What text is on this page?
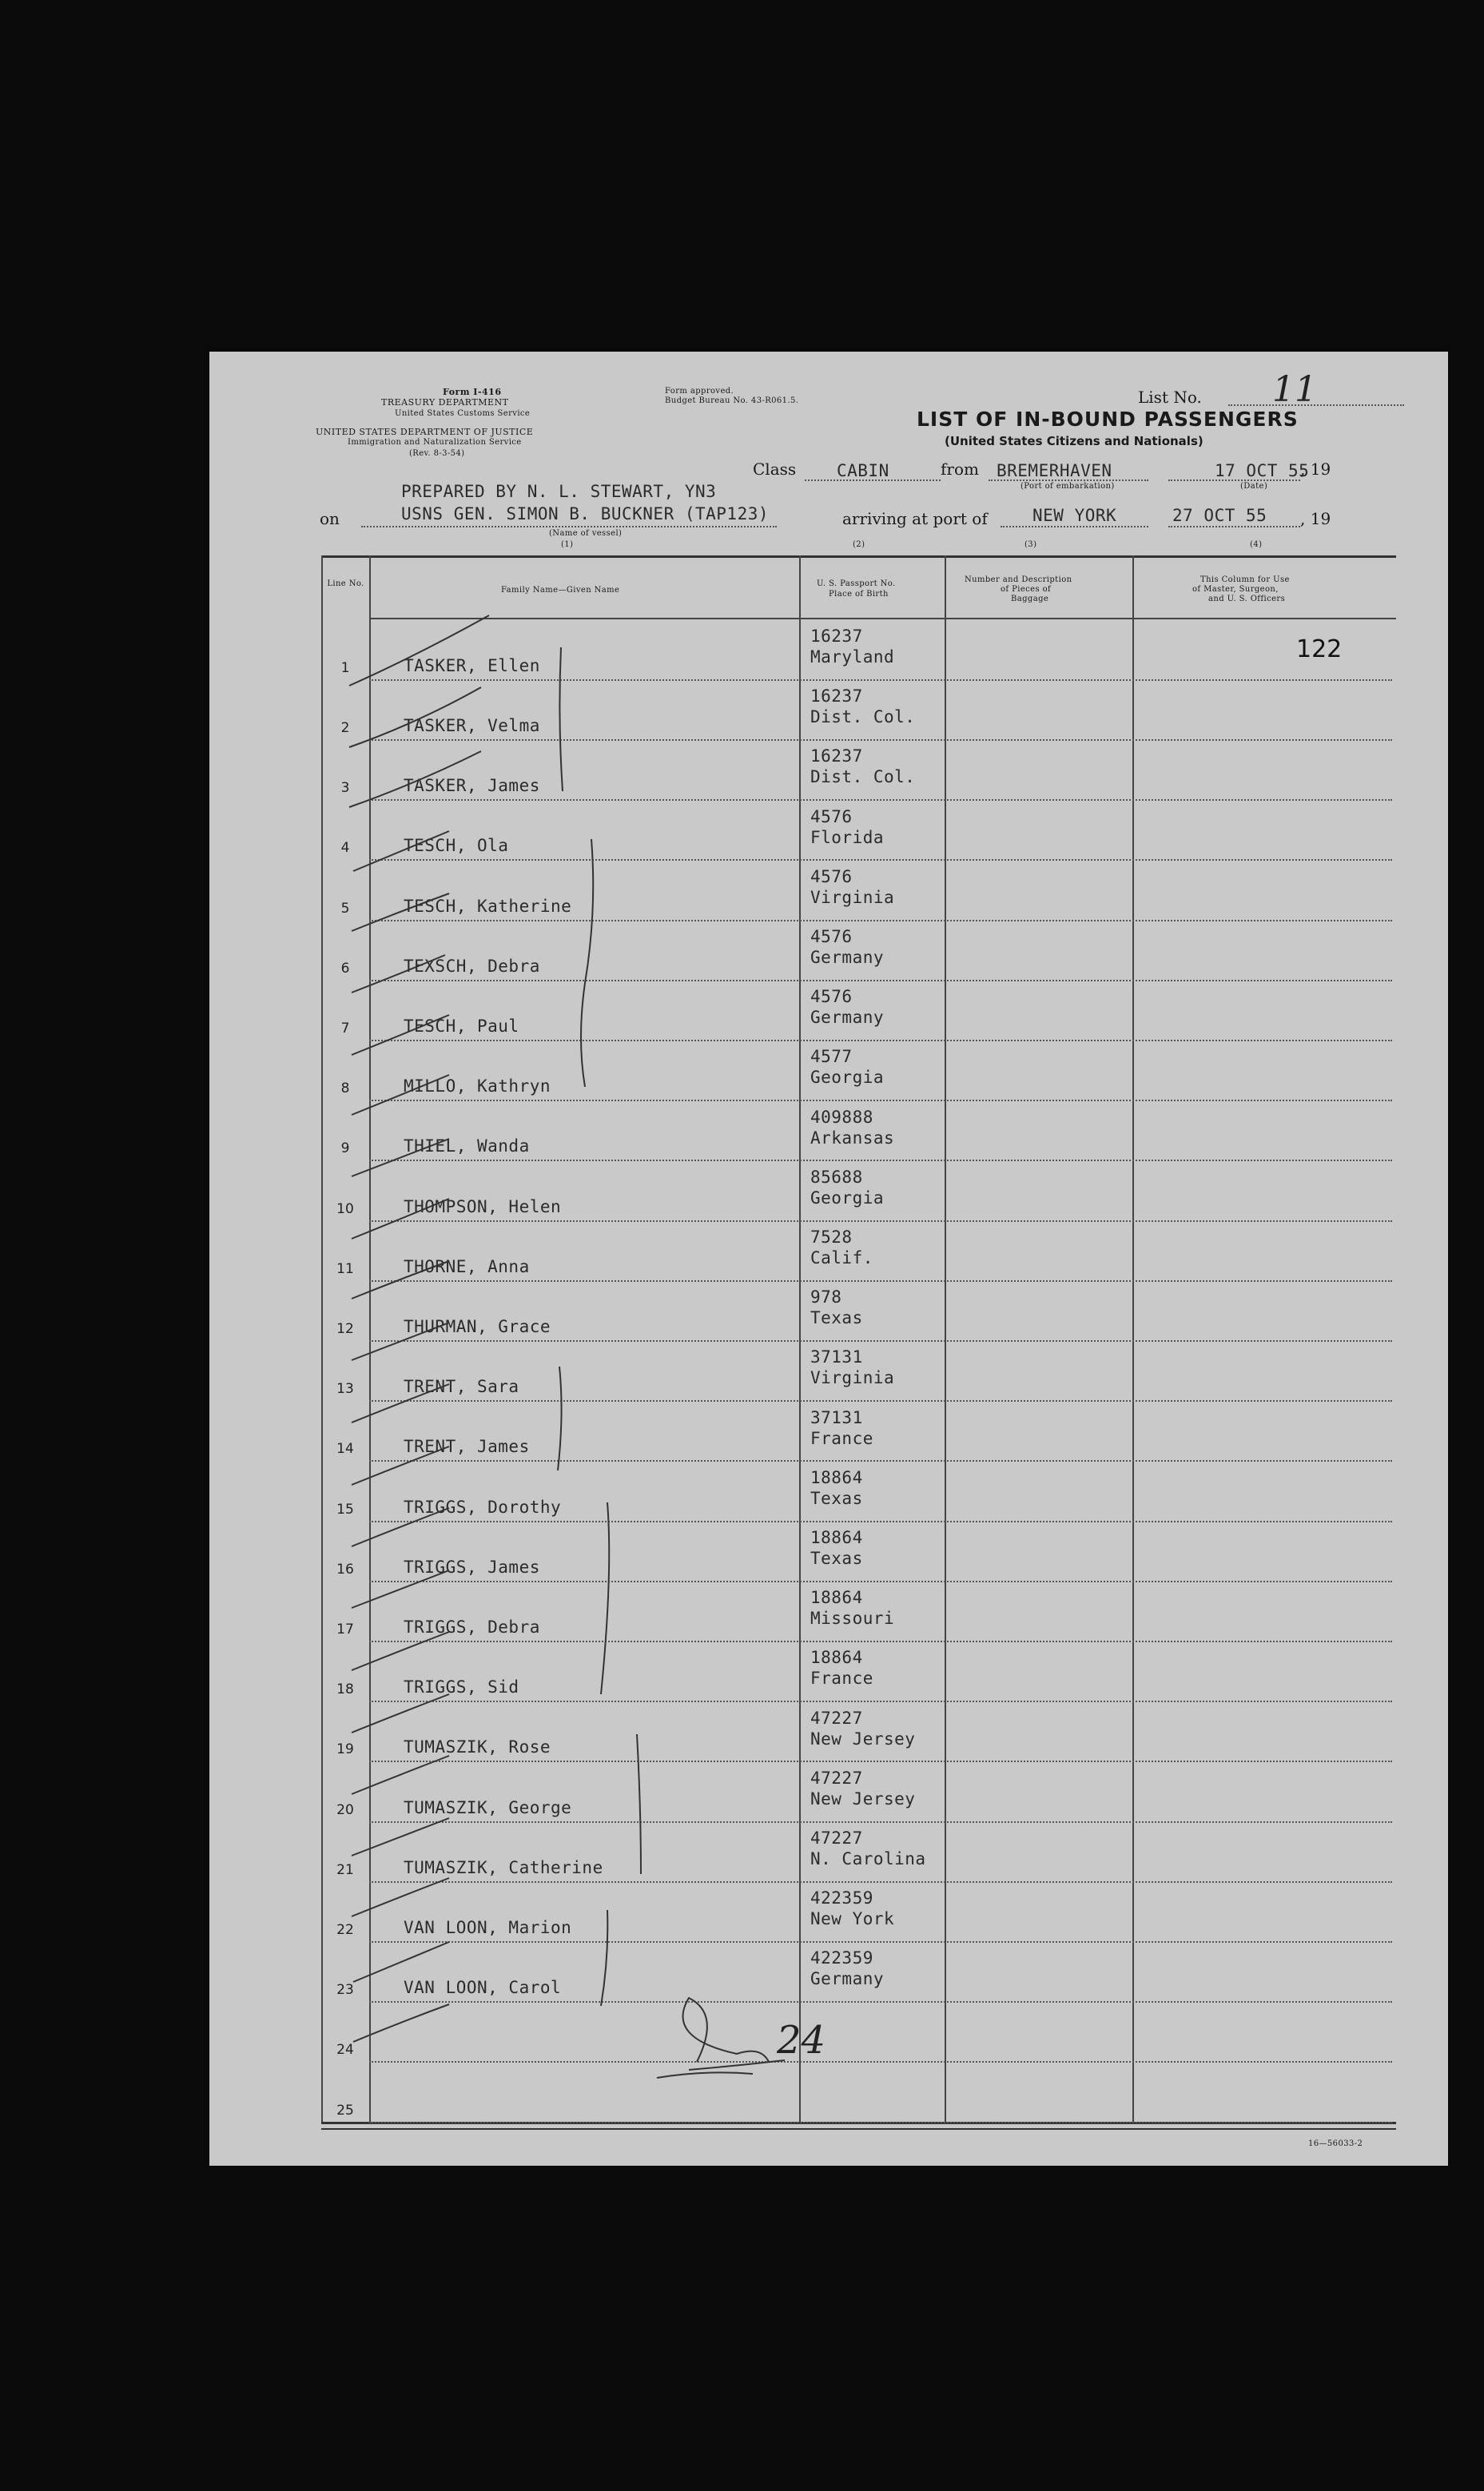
Form I-416
TREASURY DEPARTMENT
United States Customs Service
UNITED STATES DEPARTMENT OF JUSTICE
Immigration and Naturalization Service
(Rev. 8-3-54)
Form approved.
Budget Bureau No. 43-R061.5.	List No. 11
LIST OF IN-BOUND PASSENGERS
(United States Citizens and Nationals)
PREPARED BY N. L. STEWART, YN3
Class CABIN	from BREMERHAVEN	17 OCT 55
, 19
(Port of embarkation)	(Date)
on	USNS GEN. SIMON B. BUCKNER (TAP123)
(Name of vessel)
arriving at port of	NEW YORK	27 OCT 55 , 19
(1)	(2)	(3)	(4)
Line No.
Family Name—Given Name
U. S. Passport No.
Place of Birth
Number and Description
of Pieces of
Baggage
This Column for Use
of Master, Surgeon,
and U. S. Officers
1	TASKER, Ellen
16237
Maryland
2	TASKER, Velma
16237
Dist. Col.
3	TASKER, James
16237
Dist. Col.
4	TESCH, Ola
4576
Florida
5	TESCH, Katherine
4576
Virginia
6	TEXSCH, Debra
4576
Germany
7	TESCH, Paul
4576
Germany
8	MILLO, Kathryn
4577
Georgia
9	THIEL, Wanda
409888
Arkansas
10	THOMPSON, Helen
85688
Georgia
11	THORNE, Anna
7528
Calif.
12	THURMAN, Grace
978
Texas
13	TRENT, Sara
37131
Virginia
14	TRENT, James
37131
France
15	TRIGGS, Dorothy
18864
Texas
16	TRIGGS, James
18864
Texas
17	TRIGGS, Debra
18864
Missouri
18	TRIGGS, Sid
18864
France
19	TUMASZIK, Rose
47227
New Jersey
20	TUMASZIK, George
47227
New Jersey
21	TUMASZIK, Catherine
47227
N. Carolina
22	VAN LOON, Marion
422359
New York
23	VAN LOON, Carol
422359
Germany
24
25
122
24
16—56033-2
